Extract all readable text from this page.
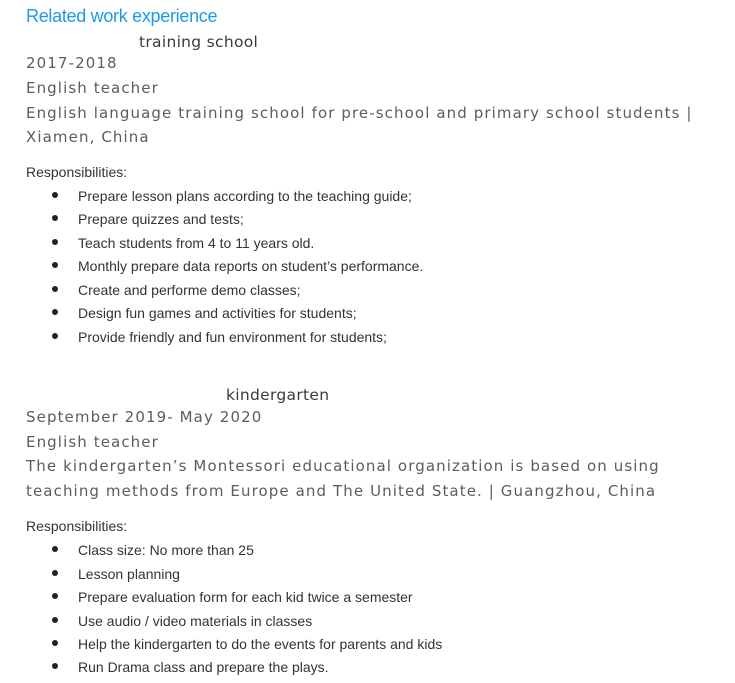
Related work experience
training school
2017-2018
English teacher
English language training school for pre-school and primary school students |
Xiamen, China
Responsibilities:
Prepare lesson plans according to the teaching guide;
Prepare quizzes and tests;
Teach students from 4 to 11 years old.
Monthly prepare data reports on student’s performance.
Create and performe demo classes;
Design fun games and activities for students;
Provide friendly and fun environment for students;
kindergarten
September 2019- May 2020
English teacher
The kindergarten’s Montessori educational organization is based on using
teaching methods from Europe and The United State. | Guangzhou, China
Responsibilities:
Class size: No more than 25
Lesson planning
Prepare evaluation form for each kid twice a semester
Use audio / video materials in classes
Help the kindergarten to do the events for parents and kids
Run Drama class and prepare the plays.
